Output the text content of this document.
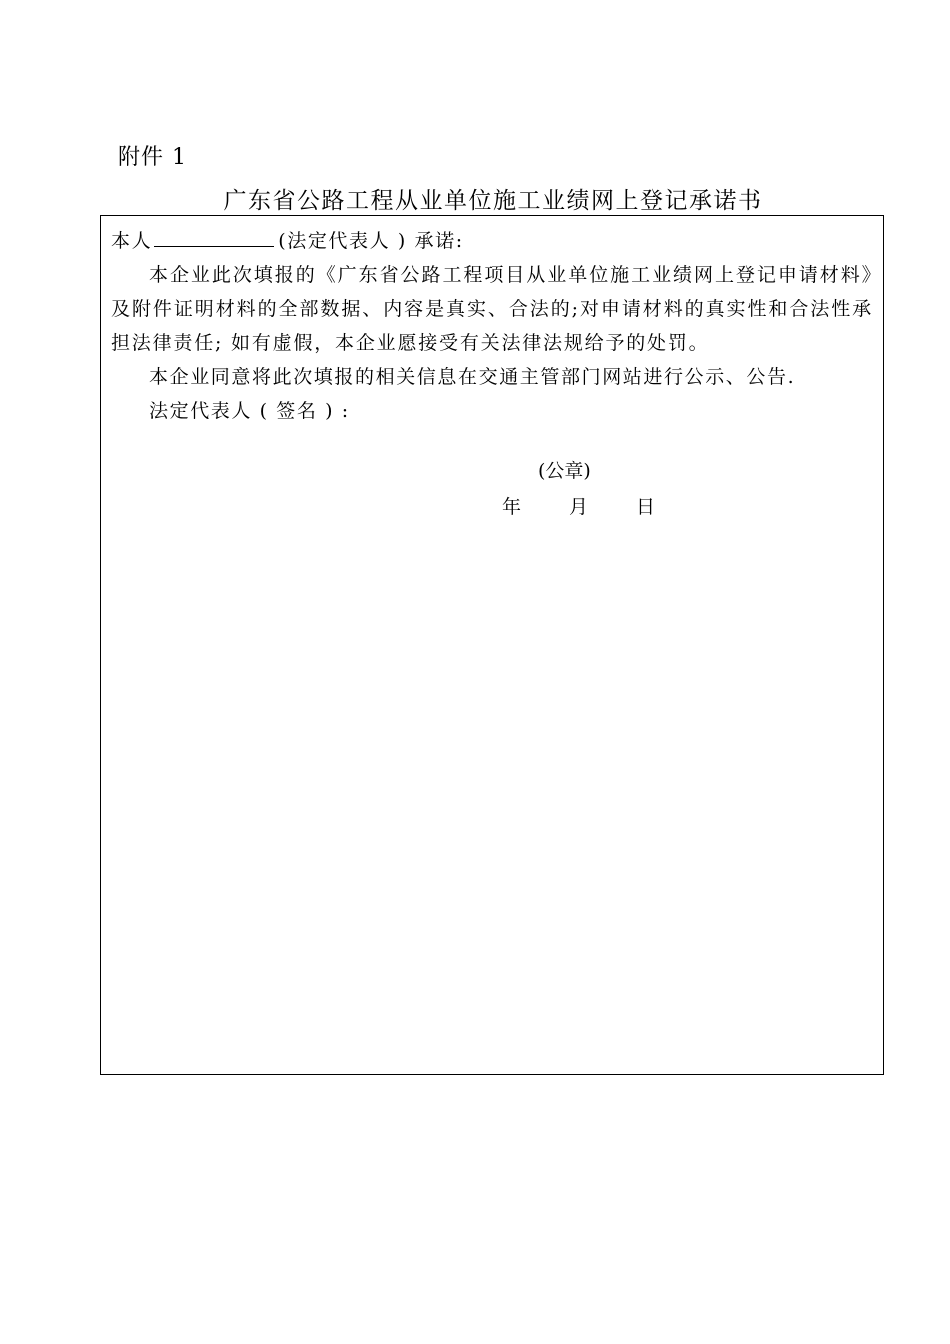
附件 1
广东省公路工程从业单位施工业绩网上登记承诺书
本人	(法定代表人 ) 承诺:

本企业此次填报的《广东省公路工程项目从业单位施工业绩网上登记申请材料》及附件证明材料的全部数据、内容是真实、合法的;对申请材料的真实性和合法性承担法律责任; 如有虚假，本企业愿接受有关法律法规给予的处罚。

本企业同意将此次填报的相关信息在交通主管部门网站进行公示、公告.
法定代表人 ( 签名 ) :
(公章)
年	月	日
